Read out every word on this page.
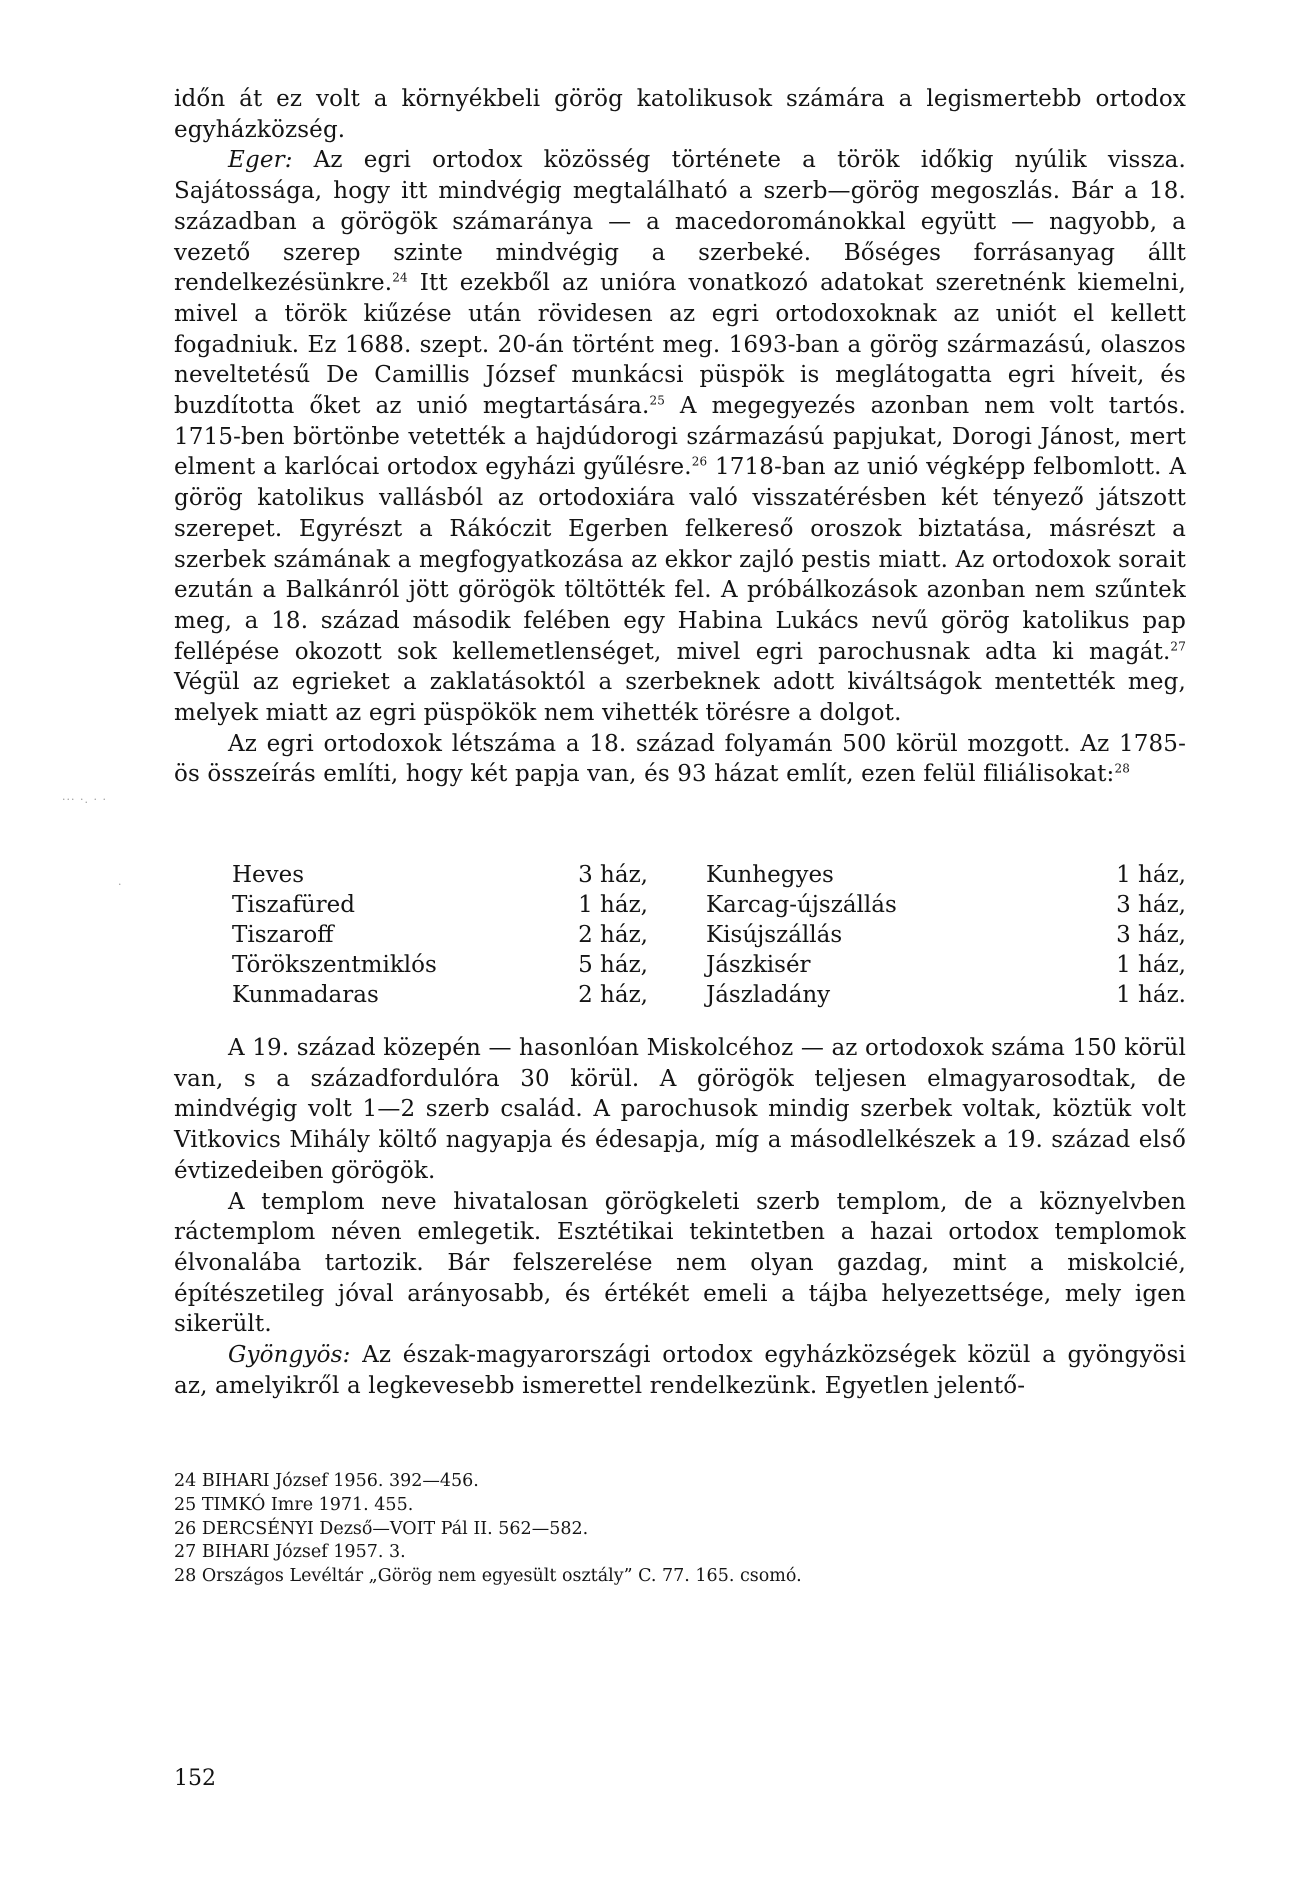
időn át ez volt a környékbeli görög katolikusok számára a legismertebb ortodox egyházközség.

Eger: Az egri ortodox közösség története a török időkig nyúlik vissza. Sajátossága, hogy itt mindvégig megtalálható a szerb—görög megoszlás. Bár a 18. században a görögök számaránya — a macedorománokkal együtt — nagyobb, a vezető szerep szinte mindvégig a szerbeké. Bőséges forrásanyag állt rendelkezésünkre.$^{24}$ Itt ezekből az unióra vonatkozó adatokat szeretnénk kiemelni, mivel a török kiűzése után rövidesen az egri ortodoxoknak az uniót el kellett fogadniuk. Ez 1688. szept. 20-án történt meg. 1693-ban a görög származású, olaszos neveltetésű De Camillis József munkácsi püspök is meglátogatta egri híveit, és buzdította őket az unió megtartására.$^{25}$ A megegyezés azonban nem volt tartós. 1715-ben börtönbe vetették a hajdúdorogi származású papjukat, Dorogi Jánost, mert elment a karlócai ortodox egyházi gyűlésre.$^{26}$ 1718-ban az unió végképp felbomlott. A görög katolikus vallásból az ortodoxiára való visszatérésben két tényező játszott szerepet. Egyrészt a Rákóczit Egerben felkereső oroszok biztatása, másrészt a szerbek számának a megfogyatkozása az ekkor zajló pestis miatt. Az ortodoxok sorait ezután a Balkánról jött görögök töltötték fel. A próbálkozások azonban nem szűntek meg, a 18. század második felében egy Habina Lukács nevű görög katolikus pap fellépése okozott sok kellemetlenséget, mivel egri parochusnak adta ki magát.$^{27}$ Végül az egrieket a zaklatásoktól a szerbeknek adott kiváltságok mentették meg, melyek miatt az egri püspökök nem vihették törésre a dolgot.

Az egri ortodoxok létszáma a 18. század folyamán 500 körül mozgott. Az 1785-ös összeírás említi, hogy két papja van, és 93 házat említ, ezen felül filiálisokat:$^{28}$

Heves	3 ház,	Kunhegyes	1 ház,
Tiszafüred	1 ház,	Karcag-újszállás	3 ház,
Tiszaroff	2 ház,	Kisújszállás	3 ház,
Törökszentmiklós	5 ház,	Jászkisér	1 ház,
Kunmadaras	2 ház,	Jászladány	1 ház.

A 19. század közepén — hasonlóan Miskolcéhoz — az ortodoxok száma 150 körül van, s a századfordulóra 30 körül. A görögök teljesen elmagyarosodtak, de mindvégig volt 1—2 szerb család. A parochusok mindig szerbek voltak, köztük volt Vitkovics Mihály költő nagyapja és édesapja, míg a másodlelkészek a 19. század első évtizedeiben görögök.

A templom neve hivatalosan görögkeleti szerb templom, de a köznyelvben ráctemplom néven emlegetik. Esztétikai tekintetben a hazai ortodox templomok élvonalába tartozik. Bár felszerelése nem olyan gazdag, mint a miskolcié, építészetileg jóval arányosabb, és értékét emeli a tájba helyezettsége, mely igen sikerült.

Gyöngyös: Az észak-magyarországi ortodox egyházközségek közül a gyöngyösi az, amelyikről a legkevesebb ismerettel rendelkezünk. Egyetlen jelentő-

24 BIHARI József 1956. 392—456.

25 TIMKÓ Imre 1971. 455.

26 DERCSÉNYI Dezső—VOIT Pál II. 562—582.

27 BIHARI József 1957. 3.

28 Országos Levéltár „Görög nem egyesült osztály” C. 77. 165. csomó.

152
··· ·. · ·
·
